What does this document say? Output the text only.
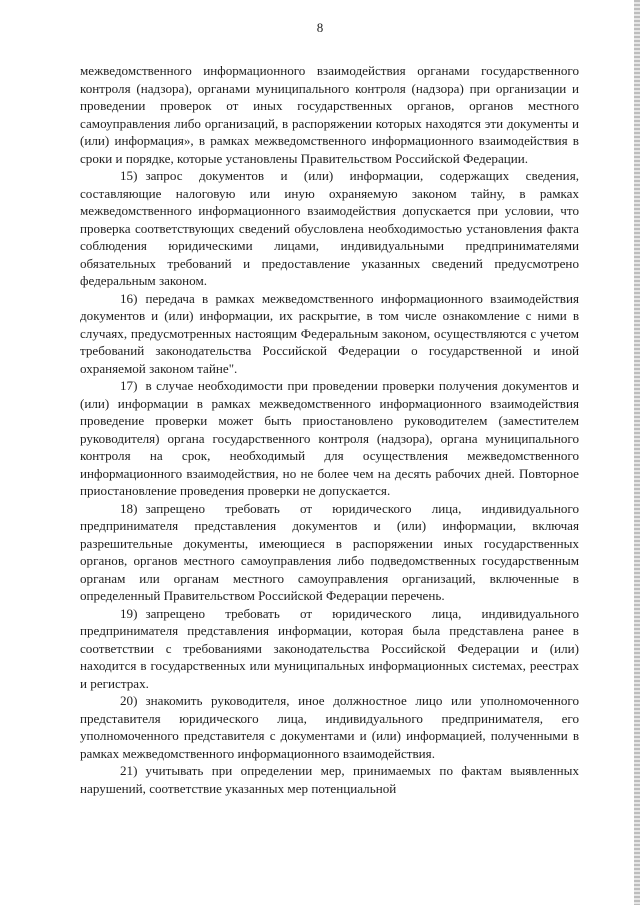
8

межведомственного информационного взаимодействия органами государственного контроля (надзора), органами муниципального контроля (надзора) при организации и проведении проверок от иных государственных органов, органов местного самоуправления либо организаций, в распоряжении которых находятся эти документы и (или) информация», в рамках межведомственного информационного взаимодействия в сроки и порядке, которые установлены Правительством Российской Федерации.

15) запрос документов и (или) информации, содержащих сведения, составляющие налоговую или иную охраняемую законом тайну, в рамках межведомственного информационного взаимодействия допускается при условии, что проверка соответствующих сведений обусловлена необходимостью установления факта соблюдения юридическими лицами, индивидуальными предпринимателями обязательных требований и предоставление указанных сведений предусмотрено федеральным законом.

16) передача в рамках межведомственного информационного взаимодействия документов и (или) информации, их раскрытие, в том числе ознакомление с ними в случаях, предусмотренных настоящим Федеральным законом, осуществляются с учетом требований законодательства Российской Федерации о государственной и иной охраняемой законом тайне".

17) в случае необходимости при проведении проверки получения документов и (или) информации в рамках межведомственного информационного взаимодействия проведение проверки может быть приостановлено руководителем (заместителем руководителя) органа государственного контроля (надзора), органа муниципального контроля на срок, необходимый для осуществления межведомственного информационного взаимодействия, но не более чем на десять рабочих дней. Повторное приостановление проведения проверки не допускается.

18) запрещено требовать от юридического лица, индивидуального предпринимателя представления документов и (или) информации, включая разрешительные документы, имеющиеся в распоряжении иных государственных органов, органов местного самоуправления либо подведомственных государственным органам или органам местного самоуправления организаций, включенные в определенный Правительством Российской Федерации перечень.

19) запрещено требовать от юридического лица, индивидуального предпринимателя представления информации, которая была представлена ранее в соответствии с требованиями законодательства Российской Федерации и (или) находится в государственных или муниципальных информационных системах, реестрах и регистрах.

20) знакомить руководителя, иное должностное лицо или уполномоченного представителя юридического лица, индивидуального предпринимателя, его уполномоченного представителя с документами и (или) информацией, полученными в рамках межведомственного информационного взаимодействия.

21) учитывать при определении мер, принимаемых по фактам выявленных нарушений, соответствие указанных мер потенциальной
